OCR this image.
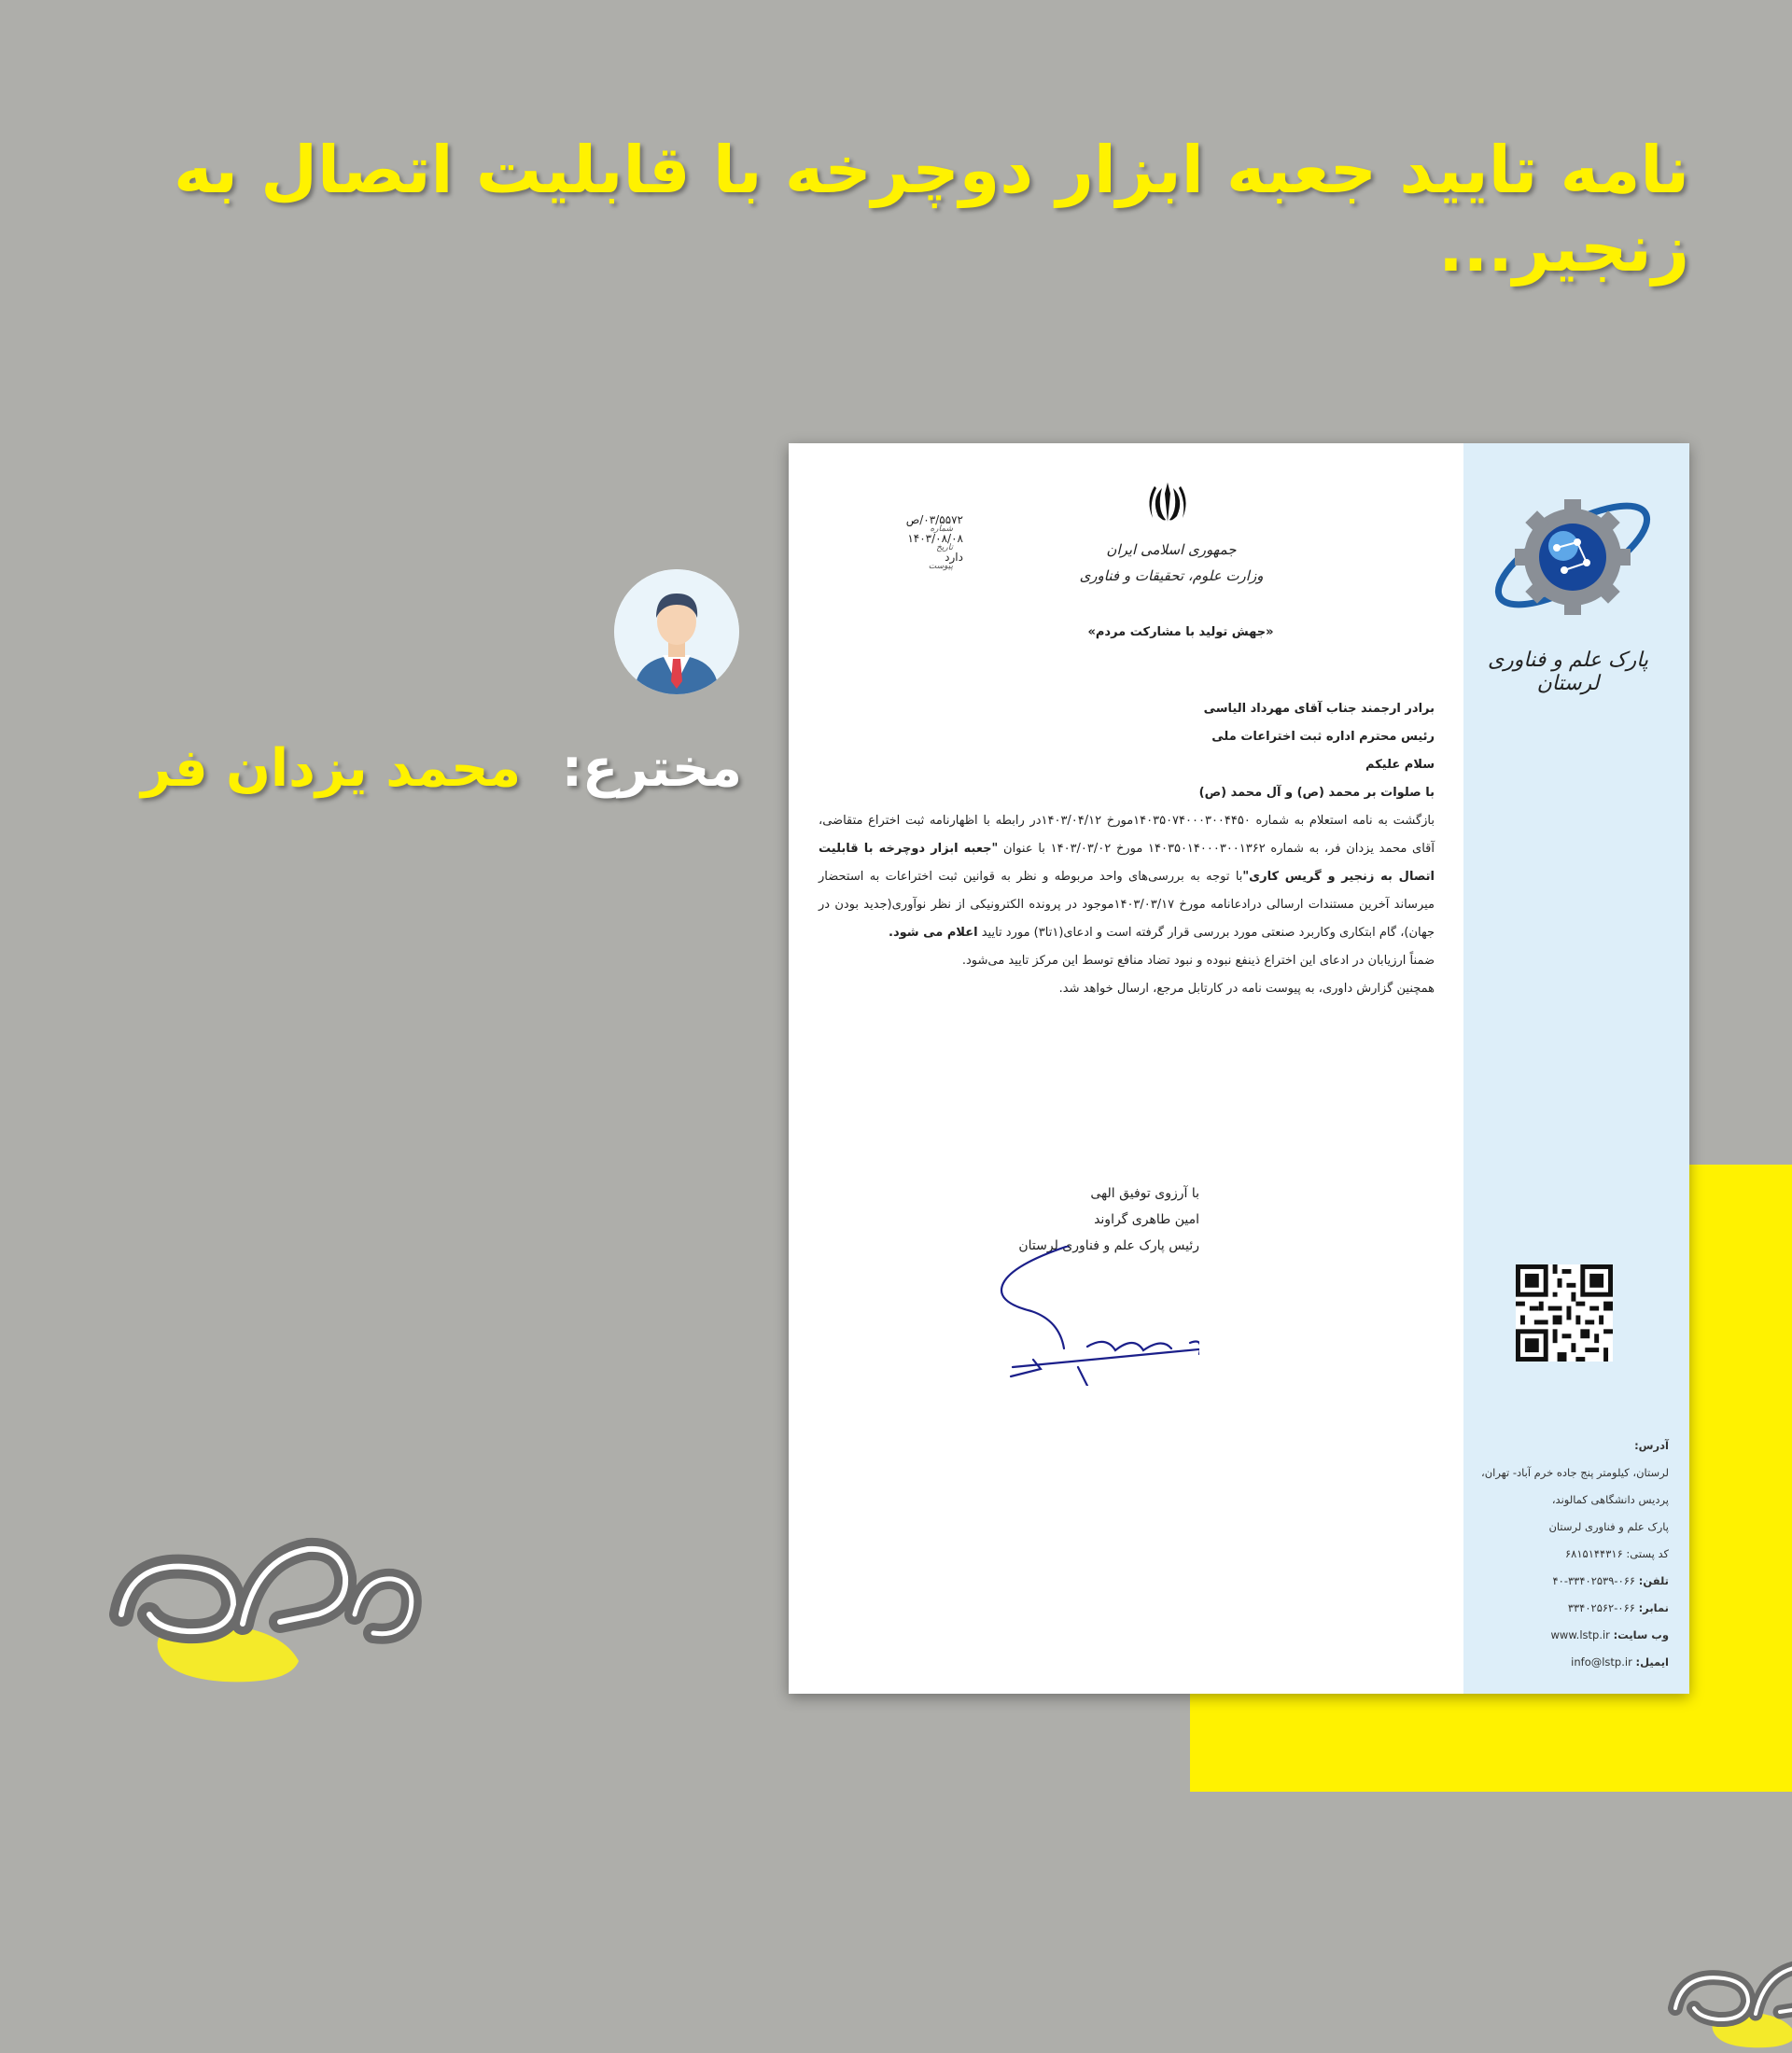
نامه تایید جعبه ابزار دوچرخه با قابلیت اتصال به زنجیر...
مخترع: محمد یزدان فر
پارک علم و فناوری لرستان
آدرس:
لرستان، کیلومتر پنج جاده خرم آباد- تهران،
پردیس دانشگاهی کمالوند،
پارک علم و فناوری لرستان
کد پستی: ۶۸۱۵۱۴۴۳۱۶
تلفن: ۰۶۶-۳۳۴۰۲۵۳۹-۴۰
نمابر: ۰۶۶-۳۳۴۰۲۵۶۲
وب سایت: www.lstp.ir
ایمیل: info@lstp.ir
جمهوری اسلامی ایران
وزارت علوم، تحقیقات و فناوری
۰۳/۵۵۷۲/ص
۱۴۰۳/۰۸/۰۸
دارد
شماره
تاریخ
پیوست
«جهش تولید با مشارکت مردم»

برادر ارجمند جناب آقای مهرداد الیاسی

رئیس محترم اداره ثبت اختراعات ملی

سلام علیکم

با صلوات بر محمد (ص) و آل محمد (ص)

بازگشت به نامه استعلام به شماره ۱۴۰۳۵۰۷۴۰۰۰۳۰۰۴۴۵۰مورخ ۱۴۰۳/۰۴/۱۲در رابطه با اظهارنامه ثبت اختراع متقاضی، آقای محمد یزدان فر، به شماره ۱۴۰۳۵۰۱۴۰۰۰۳۰۰۱۳۶۲ مورخ ۱۴۰۳/۰۳/۰۲ با عنوان "جعبه ابزار دوچرخه با قابلیت اتصال به زنجیر و گریس کاری"با توجه به بررسی‌های واحد مربوطه و نظر به قوانین ثبت اختراعات به استحضار میرساند آخرین مستندات ارسالی درادعانامه مورخ ۱۴۰۳/۰۳/۱۷موجود در پرونده الکترونیکی از نظر نوآوری(جدید بودن در جهان)، گام ابتکاری وکاربرد صنعتی مورد بررسی قرار گرفته است و ادعای(۱تا۳) مورد تایید اعلام می شود.

ضمناً ارزیابان در ادعای این اختراع ذینفع نبوده و نبود تضاد منافع توسط این مرکز تایید می‌شود.

همچنین گزارش داوری، به پیوست نامه در کارتابل مرجع، ارسال خواهد شد.

با آرزوی توفیق الهی
امین طاهری گراوند
رئیس پارک علم و فناوری لرستان
